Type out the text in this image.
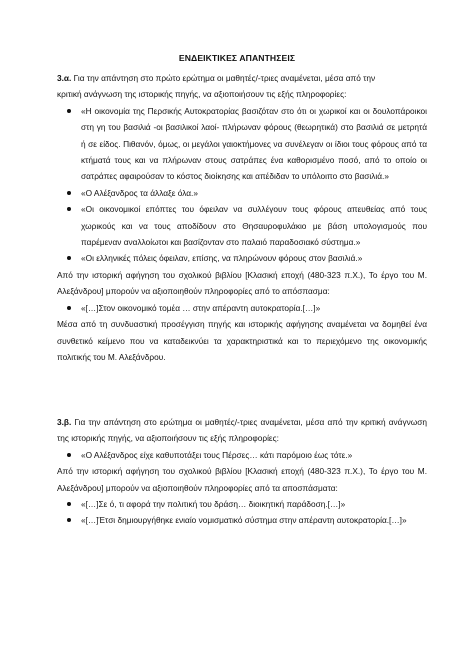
ΕΝΔΕΙΚΤΙΚΕΣ ΑΠΑΝΤΗΣΕΙΣ

3.α. Για την απάντηση στο πρώτο ερώτημα οι μαθητές/-τριες αναμένεται, μέσα από την

κριτική ανάγνωση της ιστορικής πηγής, να αξιοποιήσουν τις εξής πληροφορίες:

«Η οικονομία της Περσικής Αυτοκρατορίας βασιζόταν στο ότι οι χωρικοί και οι δουλοπάροικοι στη γη του βασιλιά -οι βασιλικοί λαοί- πλήρωναν φόρους (θεωρητικά) στο βασιλιά σε μετρητά ή σε είδος. Πιθανόν, όμως, οι μεγάλοι γαιοκτήμονες να συνέλεγαν οι ίδιοι τους φόρους από τα κτήματά τους και να πλήρωναν στους σατράπες ένα καθορισμένο ποσό, από το οποίο οι σατράπες αφαιρούσαν το κόστος διοίκησης και απέδιδαν το υπόλοιπο στο βασιλιά.»
«Ο Αλέξανδρος τα άλλαξε όλα.»
«Οι οικονομικοί επόπτες του όφειλαν να συλλέγουν τους φόρους απευθείας από τους χωρικούς και να τους αποδίδουν στο Θησαυροφυλάκιο με βάση υπολογισμούς που παρέμεναν αναλλοίωτοι και βασίζονταν στο παλαιό παραδοσιακό σύστημα.»
«Οι ελληνικές πόλεις όφειλαν, επίσης, να πληρώνουν φόρους στον βασιλιά.»

Από την ιστορική αφήγηση του σχολικού βιβλίου [Κλασική εποχή (480-323 π.Χ.), Το έργο του Μ. Αλεξάνδρου] μπορούν να αξιοποιηθούν πληροφορίες από το απόσπασμα:

«[…]Στον οικονομικό τομέα … στην απέραντη αυτοκρατορία.[…]»

Μέσα από τη συνδυαστική προσέγγιση πηγής και ιστορικής αφήγησης αναμένεται να δομηθεί ένα συνθετικό κείμενο που να καταδεικνύει τα χαρακτηριστικά και το περιεχόμενο της οικονομικής πολιτικής του Μ. Αλεξάνδρου.

3.β. Για την απάντηση στο ερώτημα οι μαθητές/-τριες αναμένεται, μέσα από την κριτική ανάγνωση της ιστορικής πηγής, να αξιοποιήσουν τις εξής πληροφορίες:

«Ο Αλέξανδρος είχε καθυποτάξει τους Πέρσες… κάτι παρόμοιο έως τότε.»

Από την ιστορική αφήγηση του σχολικού βιβλίου [Κλασική εποχή (480-323 π.Χ.), Το έργο του Μ. Αλεξάνδρου] μπορούν να αξιοποιηθούν πληροφορίες από τα αποσπάσματα:

«[…]Σε ό, τι αφορά την πολιτική του δράση… διοικητική παράδοση.[…]»
«[…]Έτσι δημιουργήθηκε ενιαίο νομισματικό σύστημα στην απέραντη αυτοκρατορία.[…]»
